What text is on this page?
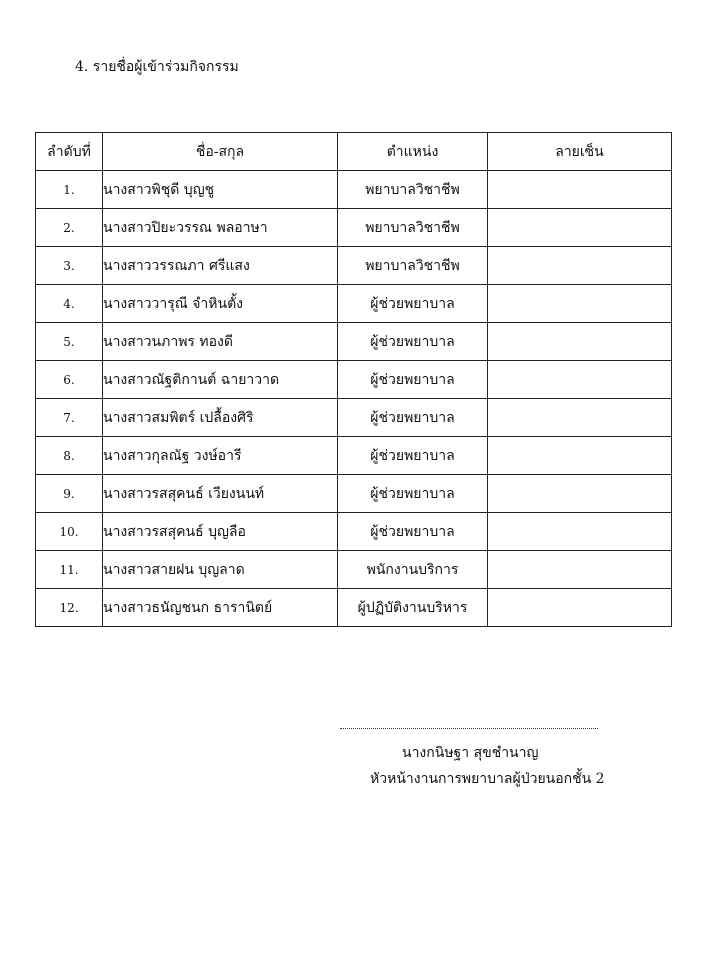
4. รายชื่อผู้เข้าร่วมกิจกรรม
ลำดับที่	ชื่อ-สกุล	ตำแหน่ง	ลายเซ็น
1.	นางสาวพิชุดี บุญชู	พยาบาลวิชาชีพ	
2.	นางสาวปิยะวรรณ พลอาษา	พยาบาลวิชาชีพ	
3.	นางสาววรรณภา ศรีแสง	พยาบาลวิชาชีพ	
4.	นางสาววารุณี จำหินตั้ง	ผู้ช่วยพยาบาล	
5.	นางสาวนภาพร ทองดี	ผู้ช่วยพยาบาล	
6.	นางสาวณัฐติกานต์ ฉายาวาด	ผู้ช่วยพยาบาล	
7.	นางสาวสมพิตร์ เปลื้องศิริ	ผู้ช่วยพยาบาล	
8.	นางสาวกุลณัฐ วงษ์อารี	ผู้ช่วยพยาบาล	
9.	นางสาวรสสุคนธ์ เวียงนนท์	ผู้ช่วยพยาบาล	
10.	นางสาวรสสุคนธ์ บุญลือ	ผู้ช่วยพยาบาล	
11.	นางสาวสายฝน บุญลาด	พนักงานบริการ	
12.	นางสาวธนัญชนก ธารานิตย์	ผู้ปฏิบัติงานบริหาร	
นางกนิษฐา สุขชำนาญ
หัวหน้างานการพยาบาลผู้ป่วยนอกชั้น 2
